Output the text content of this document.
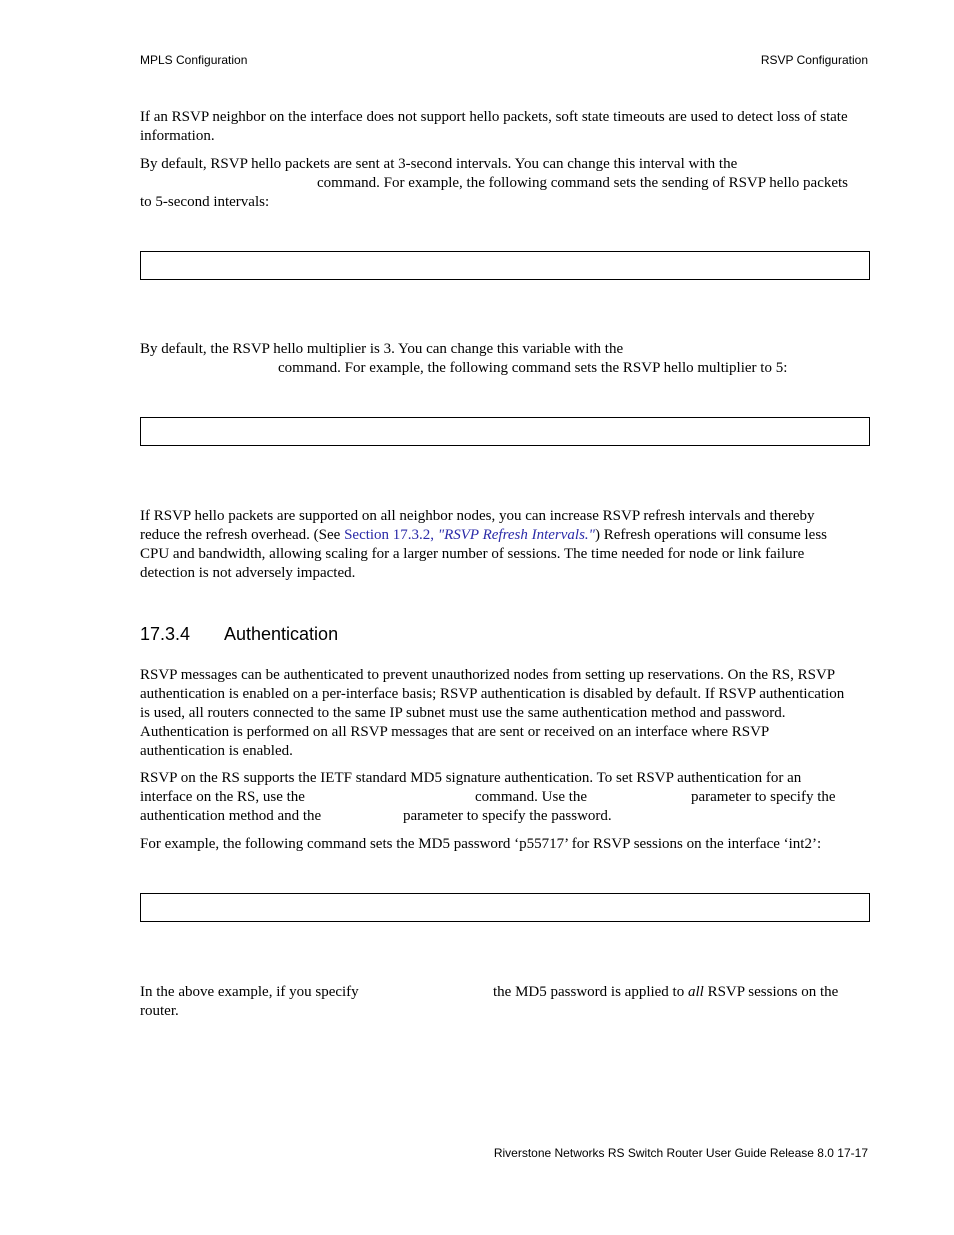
MPLS Configuration	RSVP Configuration
If an RSVP neighbor on the interface does not support hello packets, soft state timeouts are used to detect loss of state
information.
By default, RSVP hello packets are sent at 3-second intervals. You can change this interval with the
command. For example, the following command sets the sending of RSVP hello packets
to 5-second intervals:
By default, the RSVP hello multiplier is 3. You can change this variable with the
command. For example, the following command sets the RSVP hello multiplier to 5:
If RSVP hello packets are supported on all neighbor nodes, you can increase RSVP refresh intervals and thereby
reduce the refresh overhead. (See Section 17.3.2, "RSVP Refresh Intervals.") Refresh operations will consume less
CPU and bandwidth, allowing scaling for a larger number of sessions. The time needed for node or link failure
detection is not adversely impacted.
17.3.4 Authentication
RSVP messages can be authenticated to prevent unauthorized nodes from setting up reservations. On the RS, RSVP
authentication is enabled on a per-interface basis; RSVP authentication is disabled by default. If RSVP authentication
is used, all routers connected to the same IP subnet must use the same authentication method and password.
Authentication is performed on all RSVP messages that are sent or received on an interface where RSVP
authentication is enabled.
RSVP on the RS supports the IETF standard MD5 signature authentication. To set RSVP authentication for an
interface on the RS, use the	command. Use the	parameter to specify the
authentication method and the	parameter to specify the password.
For example, the following command sets the MD5 password ‘p55717’ for RSVP sessions on the interface ‘int2’:
In the above example, if you specify	the MD5 password is applied to all RSVP sessions on the
router.
Riverstone Networks RS Switch Router User Guide Release 8.0 17-17
